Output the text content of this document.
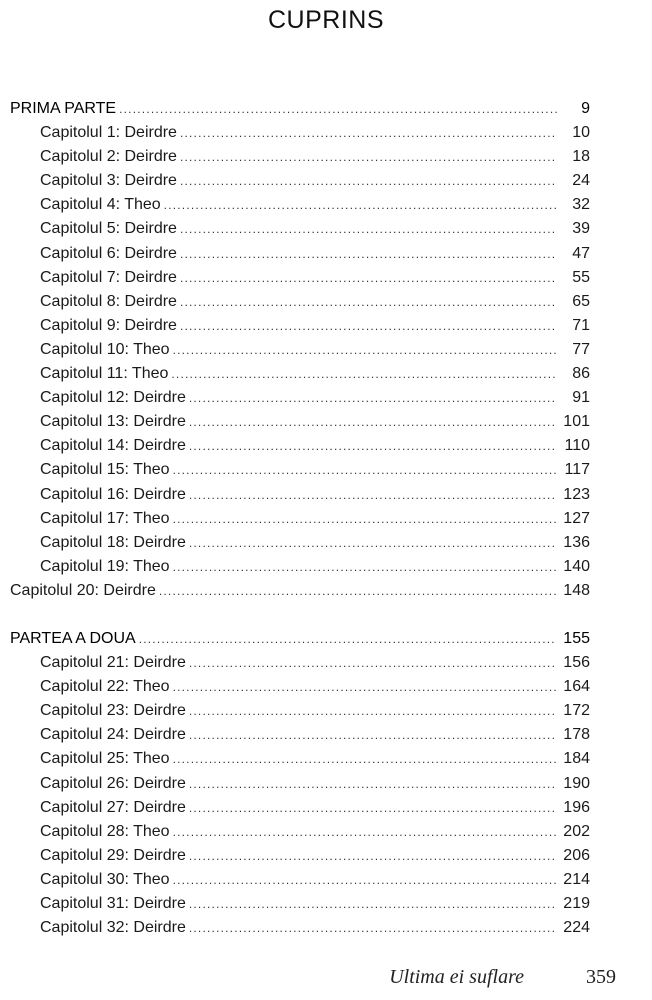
CUPRINS
PRIMA PARTE .....	9
Capitolul 1: Deirdre .....	10
Capitolul 2: Deirdre .....	18
Capitolul 3: Deirdre .....	24
Capitolul 4: Theo .....	32
Capitolul 5: Deirdre .....	39
Capitolul 6: Deirdre .....	47
Capitolul 7: Deirdre .....	55
Capitolul 8: Deirdre .....	65
Capitolul 9: Deirdre .....	71
Capitolul 10: Theo .....	77
Capitolul 11: Theo .....	86
Capitolul 12: Deirdre .....	91
Capitolul 13: Deirdre .....	101
Capitolul 14: Deirdre .....	110
Capitolul 15: Theo .....	117
Capitolul 16: Deirdre .....	123
Capitolul 17: Theo .....	127
Capitolul 18: Deirdre .....	136
Capitolul 19: Theo .....	140
Capitolul 20: Deirdre .....	148
PARTEA A DOUA .....	155
Capitolul 21: Deirdre .....	156
Capitolul 22: Theo .....	164
Capitolul 23: Deirdre .....	172
Capitolul 24: Deirdre .....	178
Capitolul 25: Theo .....	184
Capitolul 26: Deirdre .....	190
Capitolul 27: Deirdre .....	196
Capitolul 28: Theo .....	202
Capitolul 29: Deirdre .....	206
Capitolul 30: Theo .....	214
Capitolul 31: Deirdre .....	219
Capitolul 32: Deirdre .....	224
Ultima ei suflare	359
